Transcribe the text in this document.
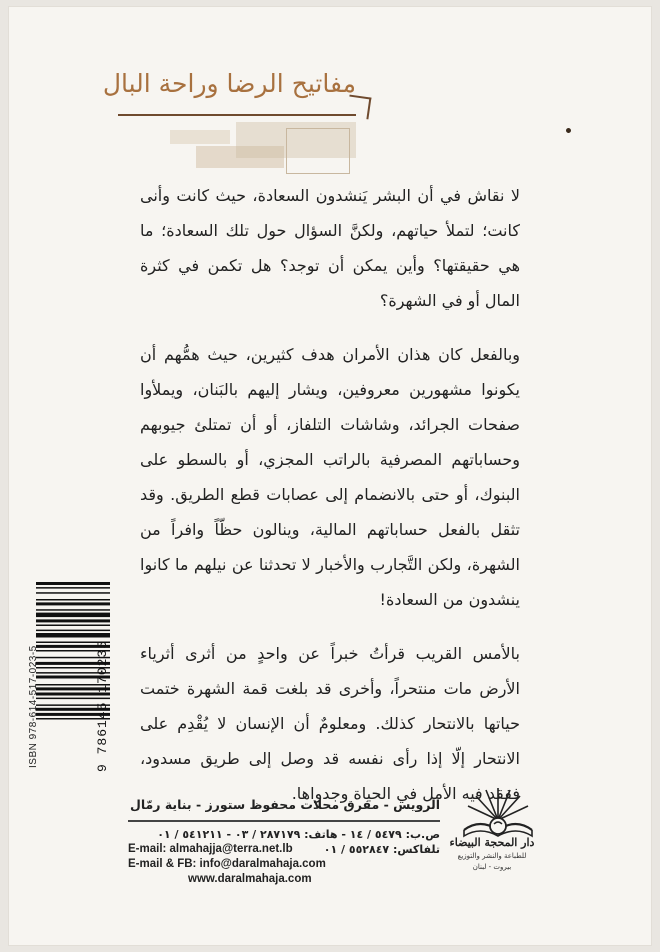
مفاتيح الرضا وراحة البال

لا نقاش في أن البشر يَنشدون السعادة، حيث كانت وأنى كانت؛ لتملأ حياتهم، ولكنَّ السؤال حول تلك السعادة؛ ما هي حقيقتها؟ وأين يمكن أن توجد؟ هل تكمن في كثرة المال أو في الشهرة؟

وبالفعل كان هذان الأمران هدف كثيرين، حيث همُّهم أن يكونوا مشهورين معروفين، ويشار إليهم بالبَنان، ويملأوا صفحات الجرائد، وشاشات التلفاز، أو أن تمتلئ جيوبهم وحساباتهم المصرفية بالراتب المجزي، أو بالسطو على البنوك، أو حتى بالانضمام إلى عصابات قطع الطريق. وقد تثقل بالفعل حساباتهم المالية، وينالون حظّاً وافراً من الشهرة، ولكن التَّجارب والأخبار لا تحدثنا عن نيلهم ما كانوا ينشدون من السعادة!

بالأمس القريب قرأتُ خبراً عن واحدٍ من أثرى أثرياء الأرض مات منتحراً، وأخرى قد بلغت قمة الشهرة ختمت حياتها بالانتحار كذلك. ومعلومٌ أن الإنسان لا يُقْدِم على الانتحار إلّا إذا رأى نفسه قد وصل إلى طريق مسدود، ففقد فيه الأمل في الحياة وجدواها.

ISBN 978-614-517-023-5	9 786145 170235
الرويس - مفرق محلات محفوظ ستورز - بناية رمّال
ص.ب: ٥٤٧٩ / ١٤ - هاتف: ٢٨٧١٧٩ / ٠٣ - ٥٤١٢١١ / ٠١
E-mail: almahajja@terra.net.lb	تلفاكس: ٥٥٢٨٤٧ / ٠١
E-mail & FB: info@daralmahaja.com
www.daralmahaja.com
دار المحجة البيضاء
للطباعة والنشر والتوزيع
بيروت - لبنان
